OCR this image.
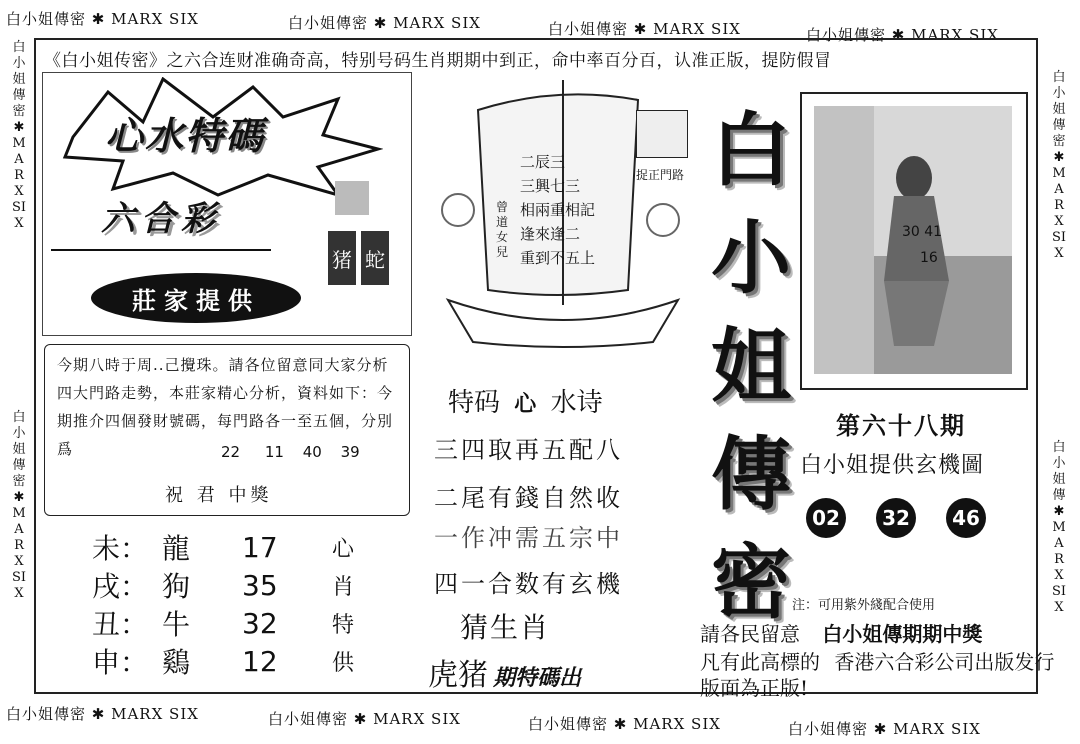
白小姐傳密 ✱ MARX SIX	白小姐傳密 ✱ MARX SIX	白小姐傳密 ✱ MARX SIX	白小姐傳密 ✱ MARX SIX
白小姐傳密 ✱ MARX SIX	白小姐傳密 ✱ MARX SIX	白小姐傳密 ✱ MARX SIX	白小姐傳密 ✱ MARX SIX
白小姐傳密✱MARXSIX
白小姐傳密✱MARXSIX
白小姐傳密✱MARXSIX
白小姐傳✱MARXSIX
《白小姐传密》之六合连财准确奇高，特别号码生肖期期中到正，命中率百分百，认准正版，提防假冒
心水特碼
六合彩
猪 蛇
莊家提供
二辰三
三興七三
相兩重相記
逢來逢二
重到不五上
曾道女兒
捉正門路 白
小
姐
傳
密
30 41
16
第六十八期
白小姐提供玄機圖
02	32	46
今期八時于周..己攪珠。請各位留意同大家分析四大門路走勢，本莊家精心分析，資料如下：今期推介四個發財號碼，每門路各一至五個，分別爲	22 11 40 39
祝 君 中獎
未： 龍	17	心
戌： 狗	35	肖
丑： 牛	32	特
申： 鷄	12	供
特码 心 水诗
三四取再五配八
二尾有錢自然收
一作冲需五宗中
四一合数有玄機
猜生肖
虎猪 期特碼出
注：可用紫外綫配合使用
請各民留意 白小姐傳期期中獎
凡有此高標的 香港六合彩公司出版发行
版面為正版!
